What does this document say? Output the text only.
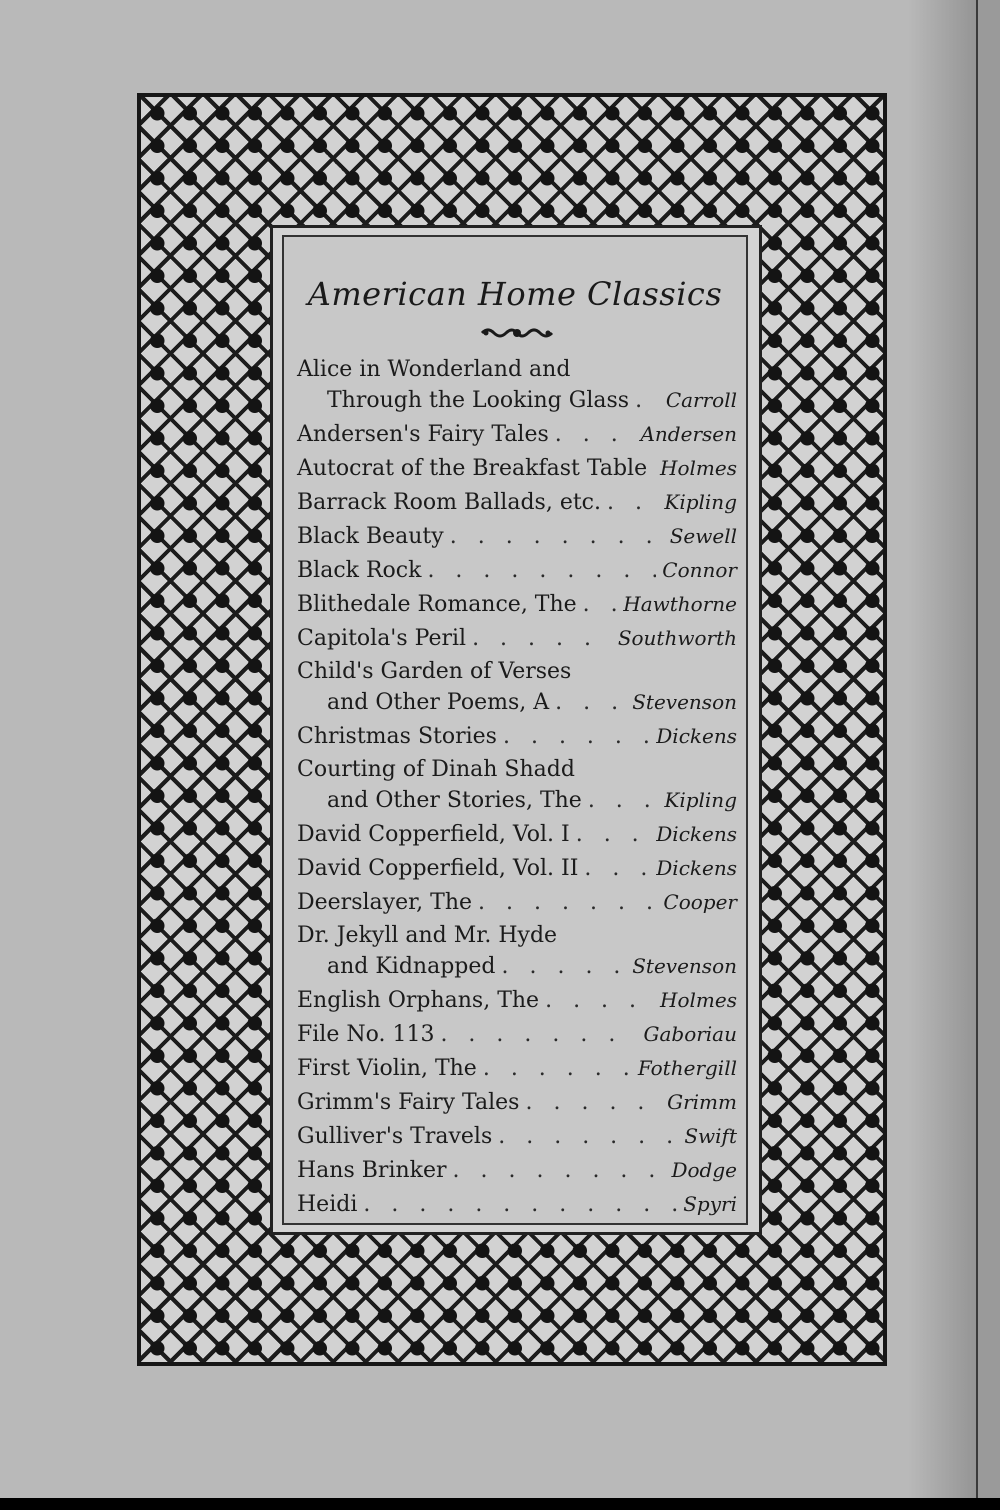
American Home Classics
Alice in Wonderland and
Through the Looking Glass . . . Carroll
Andersen's Fairy Tales . . .	Andersen
Autocrat of the Breakfast Table . . . Holmes
Barrack Room Ballads, etc. . . .	Kipling
Black Beauty . . .	Sewell
Black Rock . . .	Connor
Blithedale Romance, The . . . Hawthorne
Capitola's Peril . . .	Southworth
Child's Garden of Verses
and Other Poems, A . . .	Stevenson
Christmas Stories . . .	Dickens
Courting of Dinah Shadd
and Other Stories, The . . .	Kipling
David Copperfield, Vol. I . . .	Dickens
David Copperfield, Vol. II . . .	Dickens
Deerslayer, The . . .	Cooper
Dr. Jekyll and Mr. Hyde
and Kidnapped . . .	Stevenson
English Orphans, The . . .	Holmes
File No. 113 . . .	Gaboriau
First Violin, The . . .	Fothergill
Grimm's Fairy Tales . . .	Grimm
Gulliver's Travels . . .	Swift
Hans Brinker . . .	Dodge
Heidi . . .	Spyri
